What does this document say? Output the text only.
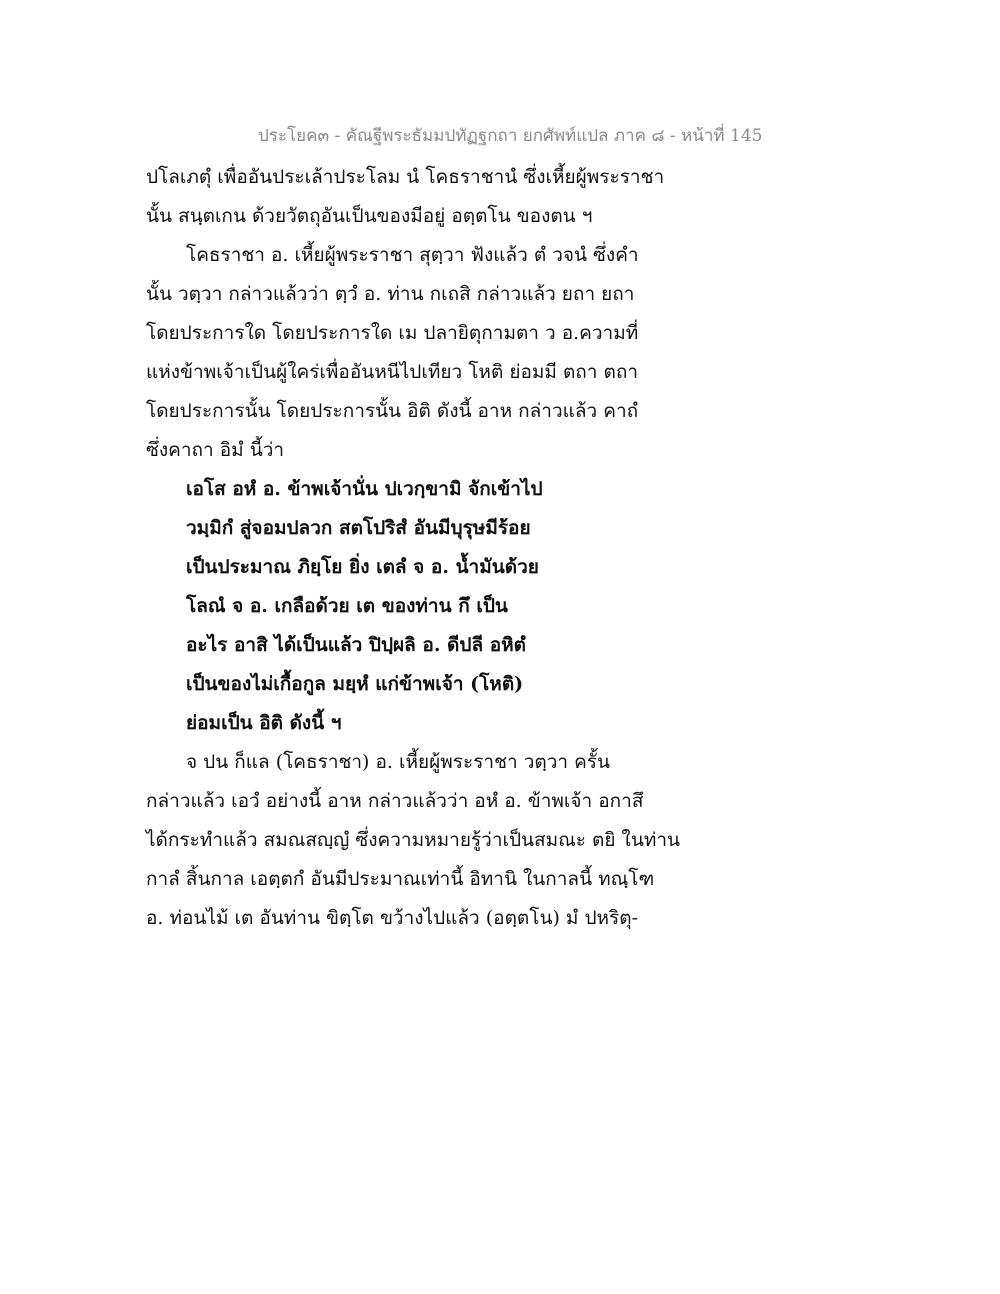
ประโยค๓ - คัณฐีพระธัมมปทัฏฐกถา ยกศัพท์แปล ภาค ๘ - หน้าที่ 145
ปโลเภตุํ เพื่ออันประเล้าประโลม นํ โคธราชานํ ซึ่งเหี้ยผู้พระราชา
นั้น สนฺตเกน ด้วยวัตถุอันเป็นของมีอยู่ อตฺตโน ของตน ฯ
โคธราชา อ. เหี้ยผู้พระราชา สุตฺวา ฟังแล้ว ตํ วจนํ ซึ่งคำ
นั้น วตฺวา กล่าวแล้วว่า ตฺวํ อ. ท่าน กเถสิ กล่าวแล้ว ยถา ยถา
โดยประการใด โดยประการใด เม ปลายิตุกามตา ว อ.ความที่
แห่งข้าพเจ้าเป็นผู้ใคร่เพื่ออันหนีไปเทียว โหติ ย่อมมี ตถา ตถา
โดยประการนั้น โดยประการนั้น อิติ ดังนี้ อาห กล่าวแล้ว คาถํ
ซึ่งคาถา อิมํ นี้ว่า
เอโส อหํ อ. ข้าพเจ้านั่น ปเวกฺขามิ จักเข้าไป
วมฺมิกํ สู่จอมปลวก สตโปริสํ อันมีบุรุษมีร้อย
เป็นประมาณ ภิยฺโย ยิ่ง เตลํ จ อ. น้ำมันด้วย
โลณํ จ อ. เกลือด้วย เต ของท่าน กึ เป็น
อะไร อาสิ ได้เป็นแล้ว ปิปฺผลิ อ. ดีปลี อหิตํ
เป็นของไม่เกื้อกูล มยฺหํ แก่ข้าพเจ้า (โหติ)
ย่อมเป็น อิติ ดังนี้ ฯ
จ ปน ก็แล (โคธราชา) อ. เหี้ยผู้พระราชา วตฺวา ครั้น
กล่าวแล้ว เอวํ อย่างนี้ อาห กล่าวแล้วว่า อหํ อ. ข้าพเจ้า อกาสึ
ได้กระทำแล้ว สมณสญฺญํ ซึ่งความหมายรู้ว่าเป็นสมณะ ตยิ ในท่าน
กาลํ สิ้นกาล เอตฺตกํ อันมีประมาณเท่านี้ อิทานิ ในกาลนี้ ทณฺโฑ
อ. ท่อนไม้ เต อันท่าน ขิตฺโต ขว้างไปแล้ว (อตฺตโน) มํ ปหริตุ-
